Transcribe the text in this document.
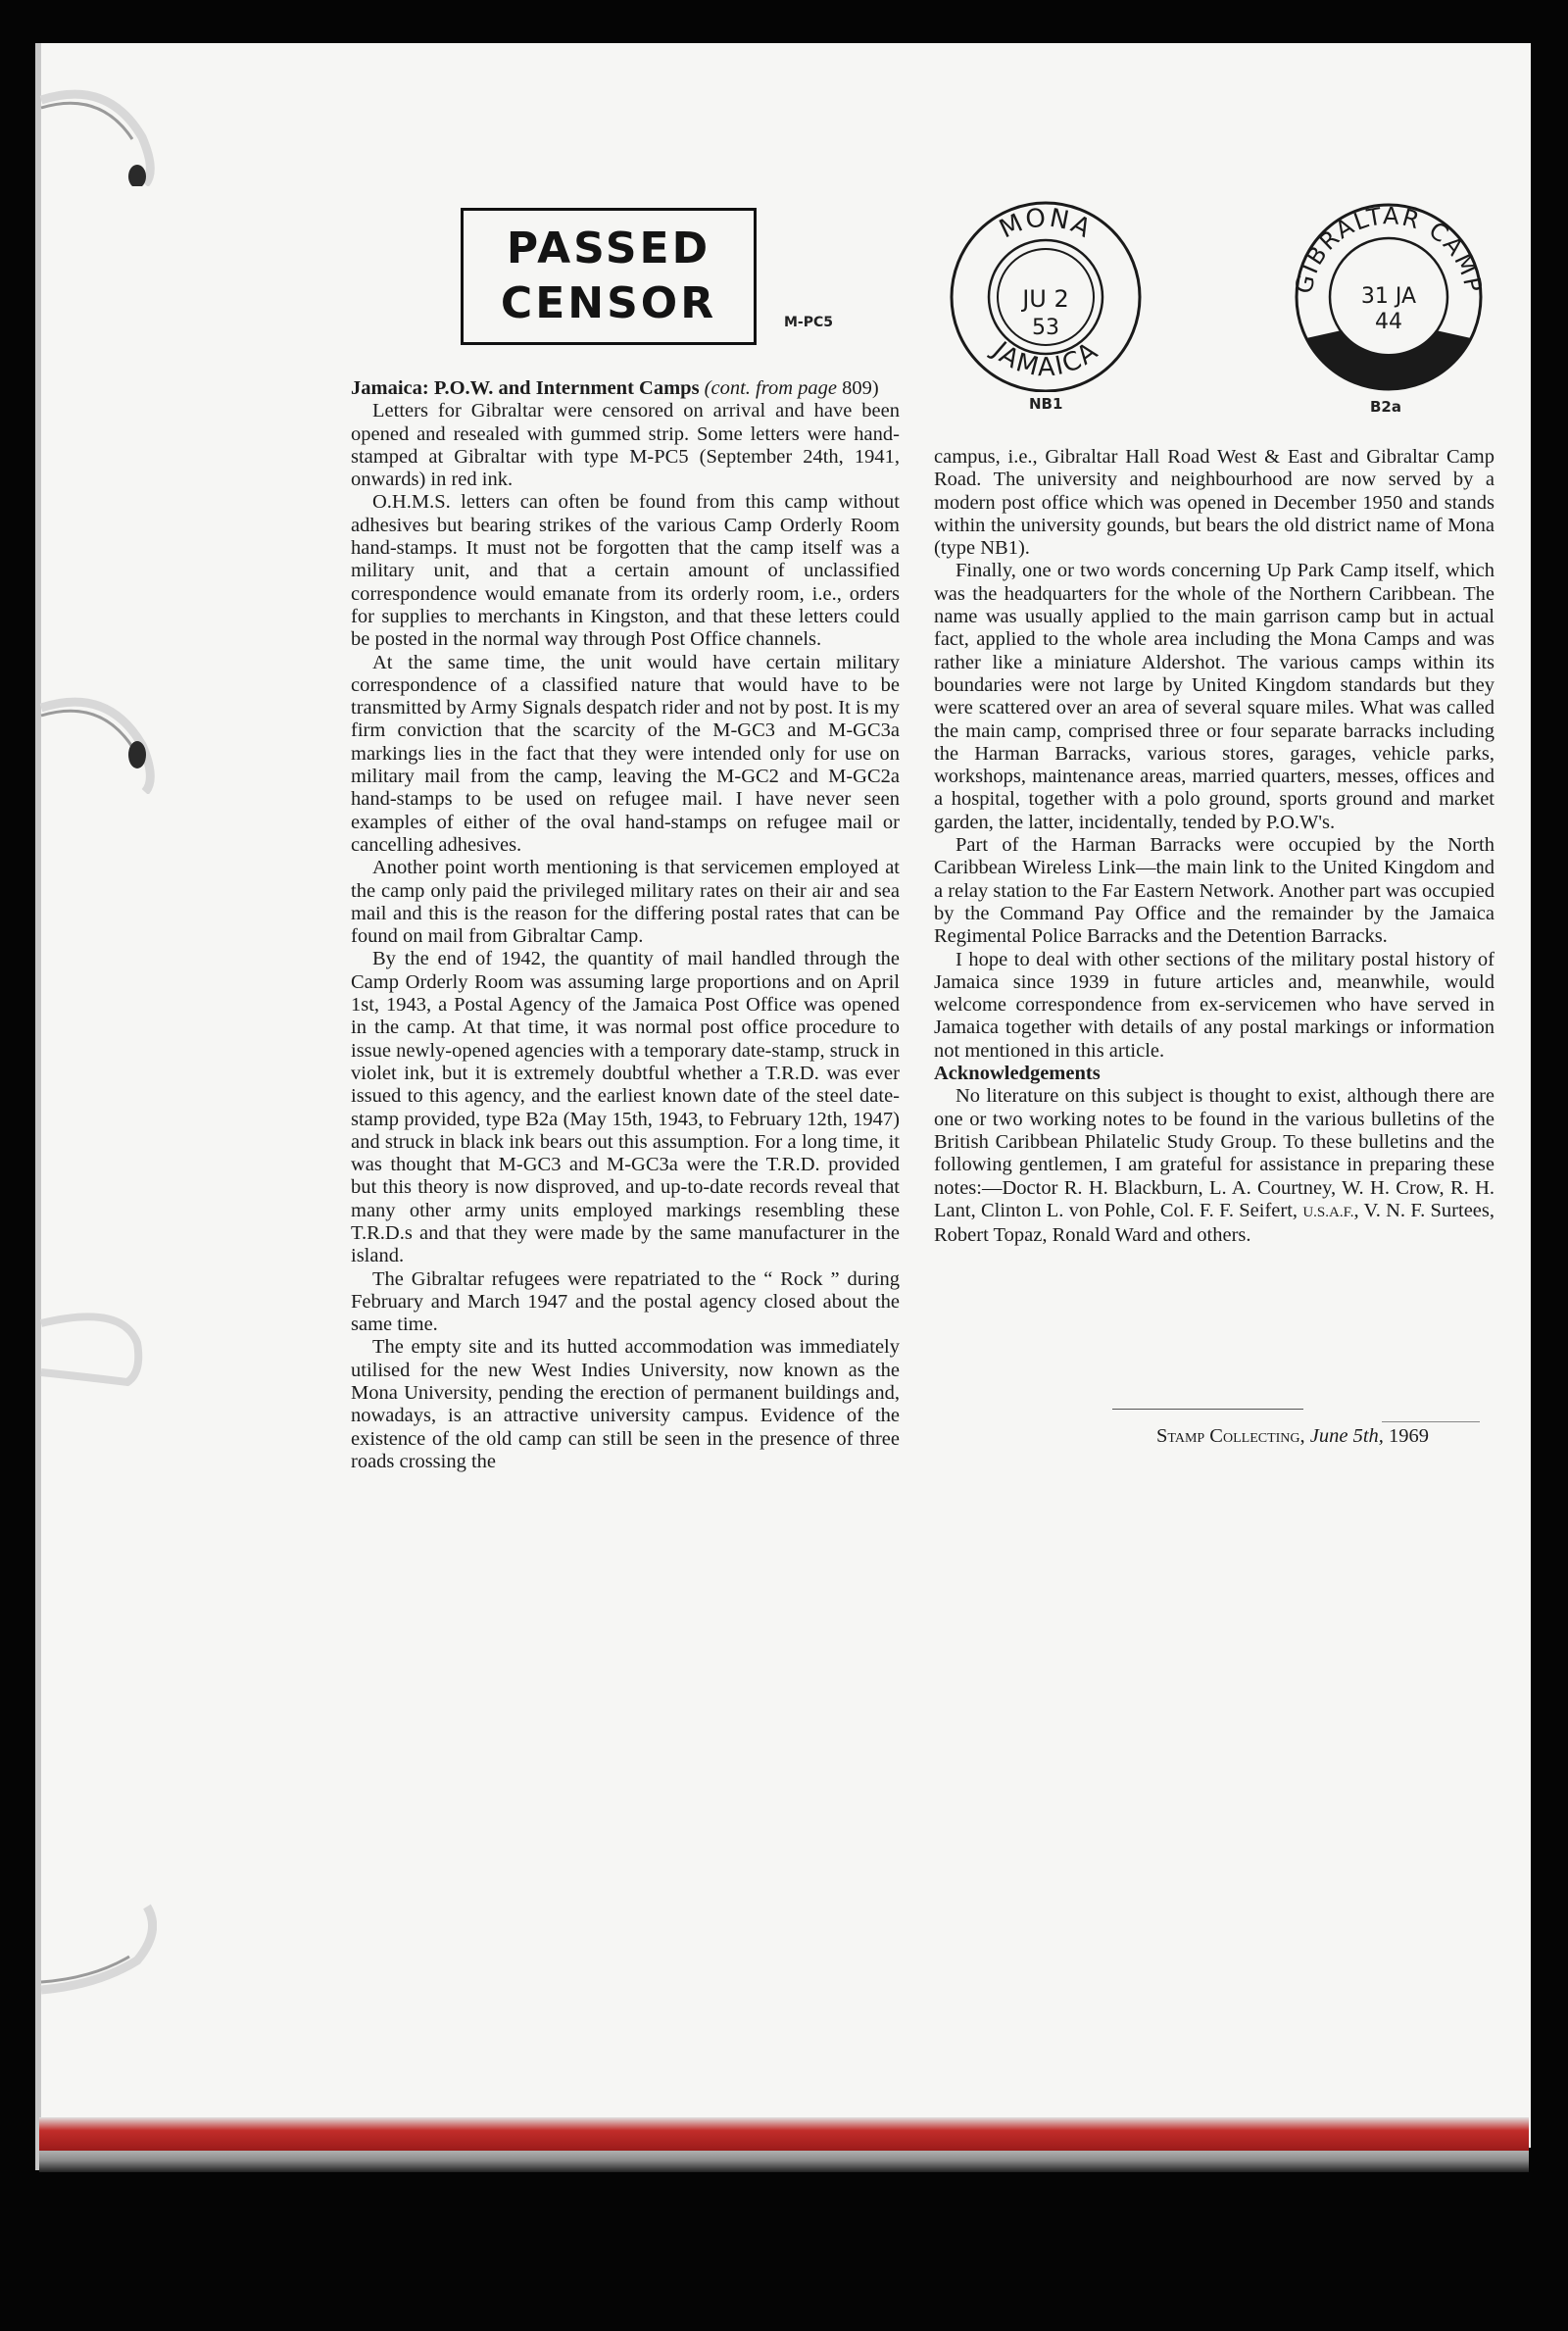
PASSED
CENSOR	M-PC5
MONA
JAMAICA
JU 2
53
NB1
GIBRALTAR CAMP
31 JA
44
B2a

Jamaica: P.O.W. and Internment Camps (cont. from page 809)

Letters for Gibraltar were censored on arrival and have been opened and resealed with gummed strip. Some letters were hand-stamped at Gibraltar with type M-PC5 (September 24th, 1941, onwards) in red ink.

O.H.M.S. letters can often be found from this camp without adhesives but bearing strikes of the various Camp Orderly Room hand-stamps. It must not be forgotten that the camp itself was a military unit, and that a certain amount of unclassified correspondence would emanate from its orderly room, i.e., orders for supplies to merchants in Kingston, and that these letters could be posted in the normal way through Post Office channels.

At the same time, the unit would have certain military correspondence of a classified nature that would have to be transmitted by Army Signals despatch rider and not by post. It is my firm conviction that the scarcity of the M-GC3 and M-GC3a markings lies in the fact that they were intended only for use on military mail from the camp, leaving the M-GC2 and M-GC2a hand-stamps to be used on refugee mail. I have never seen examples of either of the oval hand-stamps on refugee mail or cancelling adhesives.

Another point worth mentioning is that servicemen employed at the camp only paid the privileged military rates on their air and sea mail and this is the reason for the differing postal rates that can be found on mail from Gibraltar Camp.

By the end of 1942, the quantity of mail handled through the Camp Orderly Room was assuming large proportions and on April 1st, 1943, a Postal Agency of the Jamaica Post Office was opened in the camp. At that time, it was normal post office procedure to issue newly-opened agencies with a temporary date-stamp, struck in violet ink, but it is extremely doubtful whether a T.R.D. was ever issued to this agency, and the earliest known date of the steel date-stamp provided, type B2a (May 15th, 1943, to February 12th, 1947) and struck in black ink bears out this assumption. For a long time, it was thought that M-GC3 and M-GC3a were the T.R.D. provided but this theory is now disproved, and up-to-date records reveal that many other army units employed markings resembling these T.R.D.s and that they were made by the same manufacturer in the island.

The Gibraltar refugees were repatriated to the “ Rock ” during February and March 1947 and the postal agency closed about the same time.

The empty site and its hutted accommodation was immediately utilised for the new West Indies University, now known as the Mona University, pending the erection of permanent buildings and, nowadays, is an attractive university campus. Evidence of the existence of the old camp can still be seen in the presence of three roads crossing the

campus, i.e., Gibraltar Hall Road West & East and Gibraltar Camp Road. The university and neighbourhood are now served by a modern post office which was opened in December 1950 and stands within the university gounds, but bears the old district name of Mona (type NB1).

Finally, one or two words concerning Up Park Camp itself, which was the headquarters for the whole of the Northern Caribbean. The name was usually applied to the main garrison camp but in actual fact, applied to the whole area including the Mona Camps and was rather like a miniature Aldershot. The various camps within its boundaries were not large by United Kingdom standards but they were scattered over an area of several square miles. What was called the main camp, comprised three or four separate barracks including the Harman Barracks, various stores, garages, vehicle parks, workshops, maintenance areas, married quarters, messes, offices and a hospital, together with a polo ground, sports ground and market garden, the latter, incidentally, tended by P.O.W's.

Part of the Harman Barracks were occupied by the North Caribbean Wireless Link—the main link to the United Kingdom and a relay station to the Far Eastern Network. Another part was occupied by the Command Pay Office and the remainder by the Jamaica Regimental Police Barracks and the Detention Barracks.

I hope to deal with other sections of the military postal history of Jamaica since 1939 in future articles and, meanwhile, would welcome correspondence from ex-servicemen who have served in Jamaica together with details of any postal markings or information not mentioned in this article.

Acknowledgements

No literature on this subject is thought to exist, although there are one or two working notes to be found in the various bulletins of the British Caribbean Philatelic Study Group. To these bulletins and the following gentlemen, I am grateful for assistance in preparing these notes:—Doctor R. H. Blackburn, L. A. Courtney, W. H. Crow, R. H. Lant, Clinton L. von Pohle, Col. F. F. Seifert, U.S.A.F., V. N. F. Surtees, Robert Topaz, Ronald Ward and others.

Stamp Collecting, June 5th, 1969
